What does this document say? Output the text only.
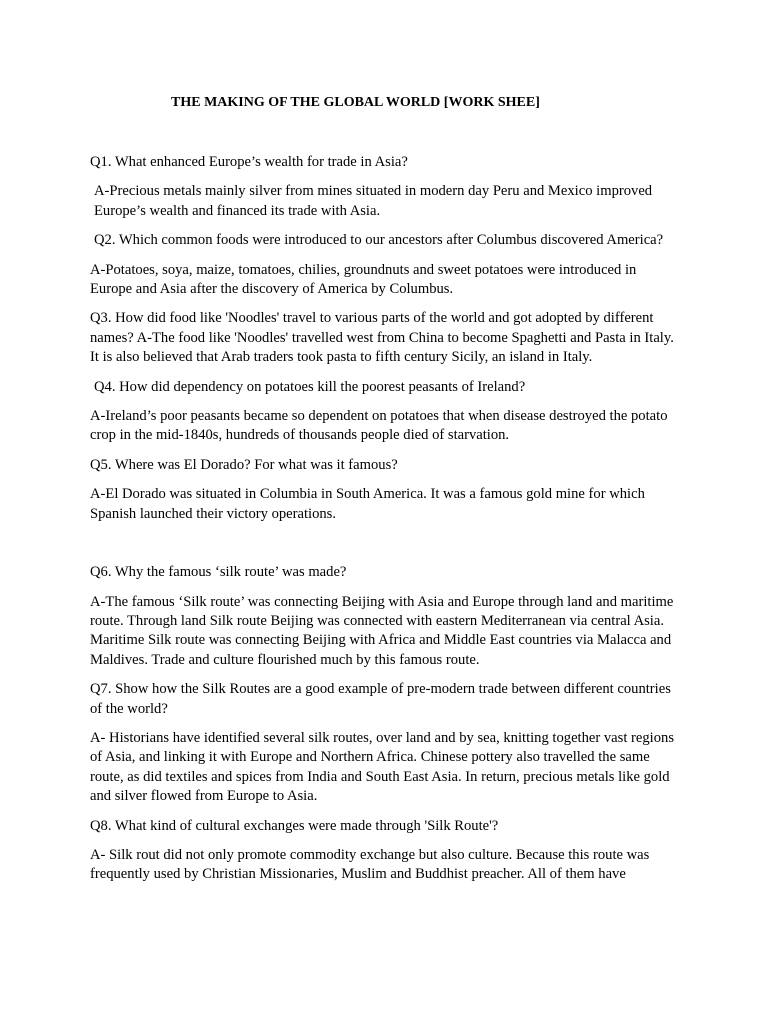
THE MAKING OF THE GLOBAL WORLD [WORK SHEE]

Q1. What enhanced Europe’s wealth for trade in Asia?

A-Precious metals mainly silver from mines situated in modern day Peru and Mexico improved Europe’s wealth and financed its trade with Asia.

Q2. Which common foods were introduced to our ancestors after Columbus discovered America?

A-Potatoes, soya, maize, tomatoes, chilies, groundnuts and sweet potatoes were introduced in Europe and Asia after the discovery of America by Columbus.

Q3. How did food like 'Noodles' travel to various parts of the world and got adopted by different names? A-The food like 'Noodles' travelled west from China to become Spaghetti and Pasta in Italy. It is also believed that Arab traders took pasta to fifth century Sicily, an island in Italy.

Q4. How did dependency on potatoes kill the poorest peasants of Ireland?

A-Ireland’s poor peasants became so dependent on potatoes that when disease destroyed the potato crop in the mid-1840s, hundreds of thousands people died of starvation.

Q5. Where was El Dorado? For what was it famous?

A-El Dorado was situated in Columbia in South America. It was a famous gold mine for which Spanish launched their victory operations.

Q6. Why the famous ‘silk route’ was made?

A-The famous ‘Silk route’ was connecting Beijing with Asia and Europe through land and maritime route. Through land Silk route Beijing was connected with eastern Mediterranean via central Asia. Maritime Silk route was connecting Beijing with Africa and Middle East countries via Malacca and Maldives. Trade and culture flourished much by this famous route.

Q7. Show how the Silk Routes are a good example of pre-modern trade between different countries of the world?

A- Historians have identified several silk routes, over land and by sea, knitting together vast regions of Asia, and linking it with Europe and Northern Africa. Chinese pottery also travelled the same route, as did textiles and spices from India and South East Asia. In return, precious metals like gold and silver flowed from Europe to Asia.

Q8. What kind of cultural exchanges were made through 'Silk Route'?

A- Silk rout did not only promote commodity exchange but also culture. Because this route was frequently used by Christian Missionaries, Muslim and Buddhist preacher. All of them have
